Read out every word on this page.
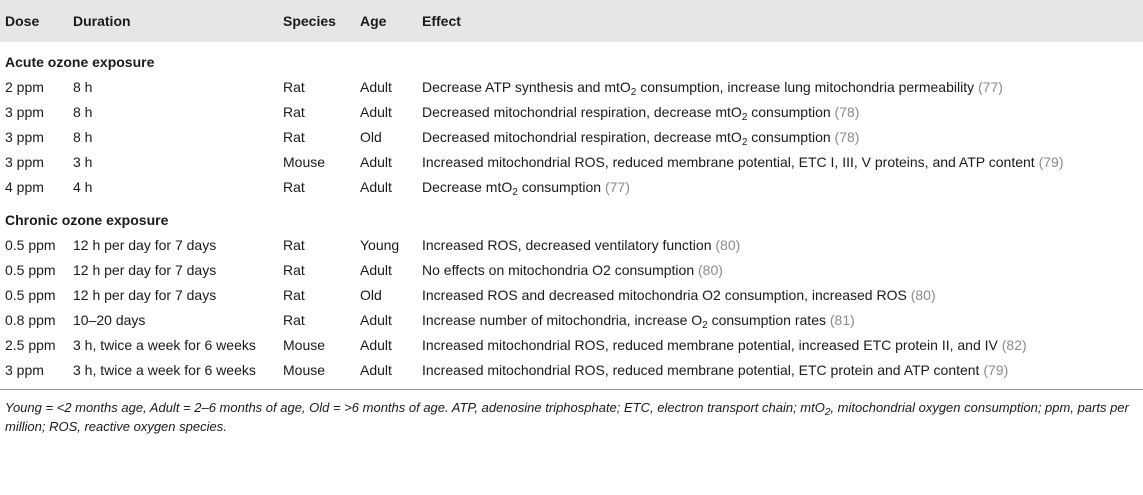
Dose	Duration	Species	Age	Effect
Acute ozone exposure				
2 ppm	8 h	Rat	Adult	Decrease ATP synthesis and mtO$_2$ consumption, increase lung mitochondria permeability (77)
3 ppm	8 h	Rat	Adult	Decreased mitochondrial respiration, decrease mtO$_2$ consumption (78)
3 ppm	8 h	Rat	Old	Decreased mitochondrial respiration, decrease mtO$_2$ consumption (78)
3 ppm	3 h	Mouse	Adult	Increased mitochondrial ROS, reduced membrane potential, ETC I, III, V proteins, and ATP content (79)
4 ppm	4 h	Rat	Adult	Decrease mtO$_2$ consumption (77)
Chronic ozone exposure				
0.5 ppm	12 h per day for 7 days	Rat	Young	Increased ROS, decreased ventilatory function (80)
0.5 ppm	12 h per day for 7 days	Rat	Adult	No effects on mitochondria O2 consumption (80)
0.5 ppm	12 h per day for 7 days	Rat	Old	Increased ROS and decreased mitochondria O2 consumption, increased ROS (80)
0.8 ppm	10–20 days	Rat	Adult	Increase number of mitochondria, increase $O_2$ consumption rates (81)
2.5 ppm	3 h, twice a week for 6 weeks	Mouse	Adult	Increased mitochondrial ROS, reduced membrane potential, increased ETC protein II, and IV (82)
3 ppm	3 h, twice a week for 6 weeks	Mouse	Adult	Increased mitochondrial ROS, reduced membrane potential, ETC protein and ATP content (79)
Young = <2 months age, Adult = 2–6 months of age, Old = >6 months of age. ATP, adenosine triphosphate; ETC, electron transport chain; mtO$_2$, mitochondrial oxygen consumption; ppm, parts per million; ROS, reactive oxygen species.
